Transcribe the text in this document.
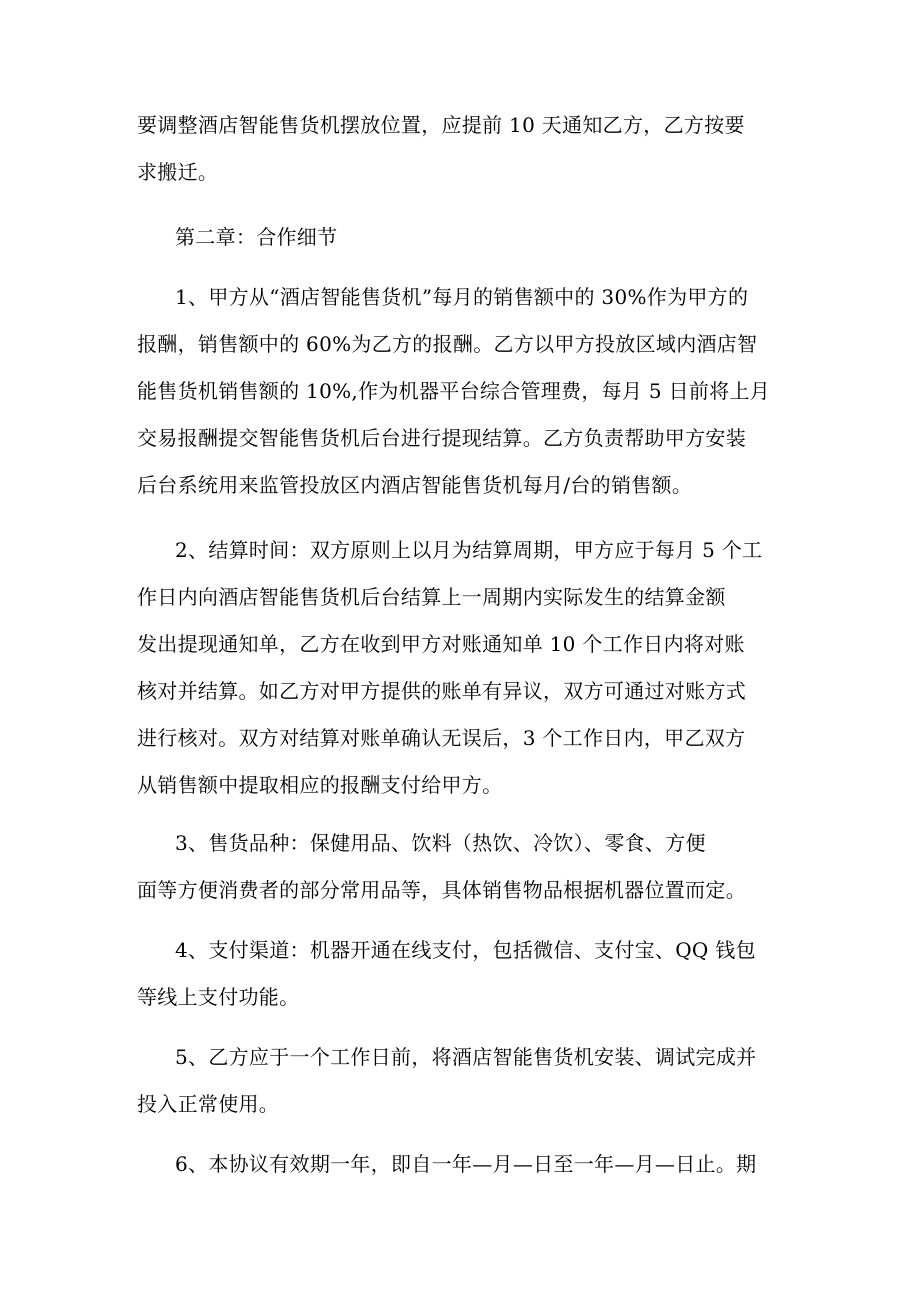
要调整酒店智能售货机摆放位置，应提前 10 天通知乙方，乙方按要
求搬迁。
第二章：合作细节
1、甲方从“酒店智能售货机”每月的销售额中的 30%作为甲方的
报酬，销售额中的 60%为乙方的报酬。乙方以甲方投放区域内酒店智
能售货机销售额的 10%,作为机器平台综合管理费，每月 5 日前将上月
交易报酬提交智能售货机后台进行提现结算。乙方负责帮助甲方安装
后台系统用来监管投放区内酒店智能售货机每月/台的销售额。
2、结算时间：双方原则上以月为结算周期，甲方应于每月 5 个工
作日内向酒店智能售货机后台结算上一周期内实际发生的结算金额
发出提现通知单，乙方在收到甲方对账通知单 10 个工作日内将对账
核对并结算。如乙方对甲方提供的账单有异议，双方可通过对账方式
进行核对。双方对结算对账单确认无误后，3 个工作日内，甲乙双方
从销售额中提取相应的报酬支付给甲方。
3、售货品种：保健用品、饮料（热饮、冷饮）、零食、方便
面等方便消费者的部分常用品等，具体销售物品根据机器位置而定。
4、支付渠道：机器开通在线支付，包括微信、支付宝、QQ 钱包
等线上支付功能。
5、乙方应于一个工作日前，将酒店智能售货机安装、调试完成并
投入正常使用。
6、本协议有效期一年，即自一年—月—日至一年—月—日止。期
